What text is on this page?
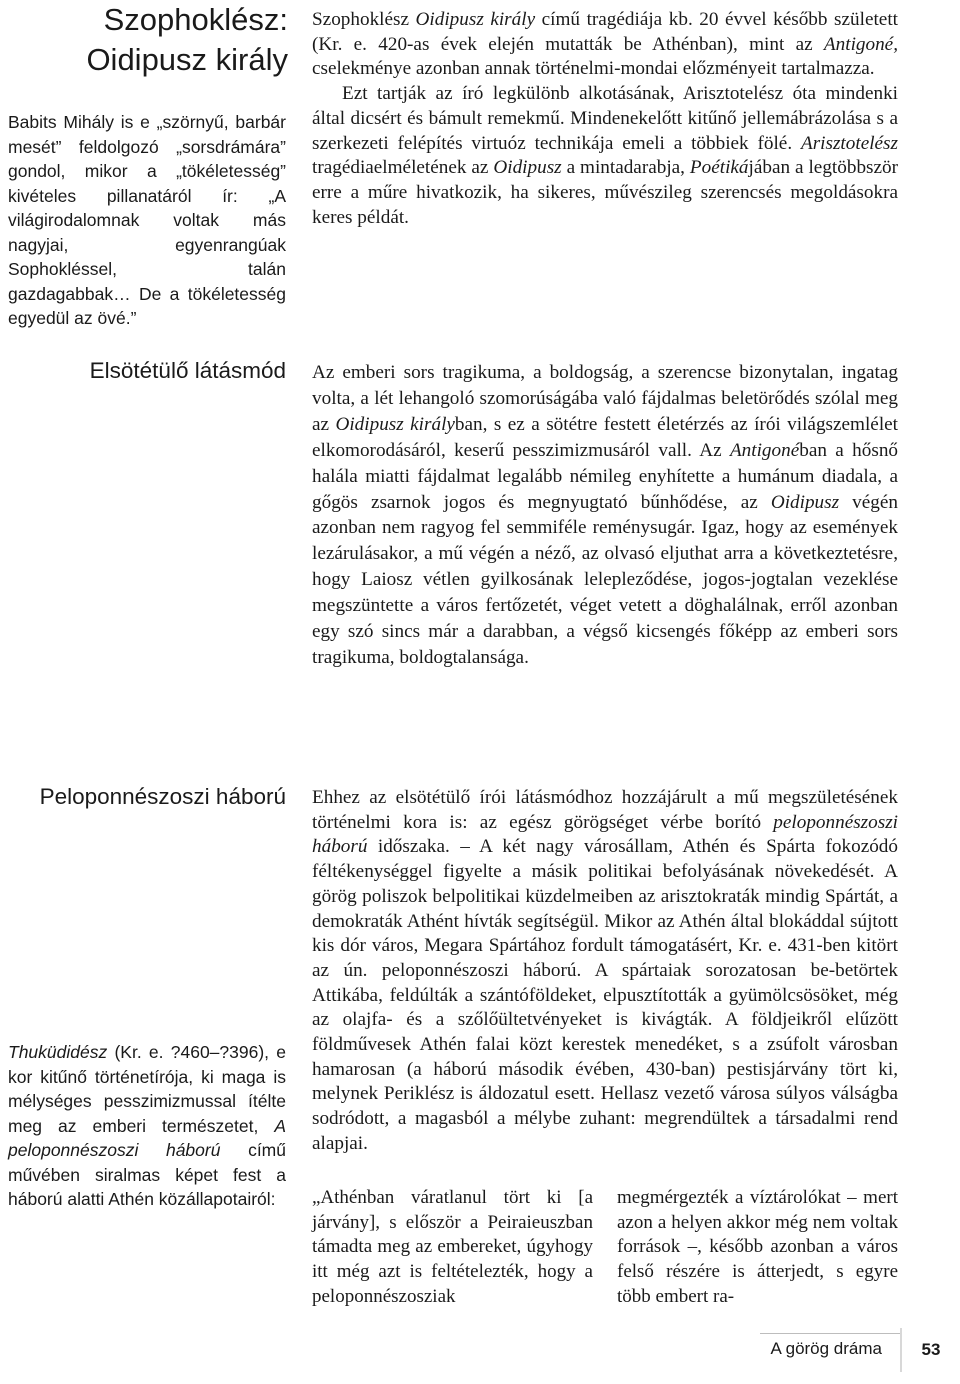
Szophoklész:
Oidipusz király

Babits Mihály is e „szörnyű, barbár mesét” feldolgozó „sorsdrámára” gondol, mikor a „tökéletesség” kivételes pillanatáról ír: „A világirodalomnak voltak más nagyjai, egyenrangúak Sophokléssel, talán gazdagabbak… De a tökéletesség egyedül az övé.”

Elsötétülő látásmód
Peloponnészoszi háború

Thuküdidész (Kr. e. ?460–?396), e kor kitűnő történetírója, ki maga is mélységes pesszimizmussal ítélte meg az emberi természetet, A peloponnészoszi háború című művében siralmas képet fest a háború alatti Athén közállapotairól:

Szophoklész Oidipusz király című tragédiája kb. 20 évvel később született (Kr. e. 420-as évek elején mutatták be Athénban), mint az Antigoné, cselekménye azonban annak történelmi-mondai előzményeit tartalmazza.

Ezt tartják az író legkülönb alkotásának, Arisztotelész óta mindenki által dicsért és bámult remekmű. Mindenekelőtt kitűnő jellemábrázolása s a szerkezeti felépítés virtuóz technikája emeli a többiek fölé. Arisztotelész tragédiaelméletének az Oidipusz a mintadarabja, Poétikájában a legtöbbször erre a műre hivatkozik, ha sikeres, művészileg szerencsés megoldásokra keres példát.

Az emberi sors tragikuma, a boldogság, a szerencse bizonytalan, ingatag volta, a lét lehangoló szomorúságába való fájdalmas beletörődés szólal meg az Oidipusz királyban, s ez a sötétre festett életérzés az írói világszemlélet elkomorodásáról, keserű pesszimizmusáról vall. Az Antigonéban a hősnő halála miatti fájdalmat legalább némileg enyhítette a humánum diadala, a gőgös zsarnok jogos és megnyugtató bűnhődése, az Oidipusz végén azonban nem ragyog fel semmiféle reménysugár. Igaz, hogy az események lezárulásakor, a mű végén a néző, az olvasó eljuthat arra a következtetésre, hogy Laiosz vétlen gyilkosának lelepleződése, jogos-jogtalan vezeklése megszüntette a város fertőzetét, véget vetett a döghalálnak, erről azonban egy szó sincs már a darabban, a végső kicsengés főképp az emberi sors tragikuma, boldogtalansága.

Ehhez az elsötétülő írói látásmódhoz hozzájárult a mű megszületésének történelmi kora is: az egész görögséget vérbe borító peloponnészoszi háború időszaka. – A két nagy városállam, Athén és Spárta fokozódó féltékenységgel figyelte a másik politikai befolyásának növekedését. A görög poliszok belpolitikai küzdelmeiben az arisztokraták mindig Spártát, a demokraták Athént hívták segítségül. Mikor az Athén által blokáddal sújtott kis dór város, Megara Spártához fordult támogatásért, Kr. e. 431-ben kitört az ún. peloponnészoszi háború. A spártaiak sorozatosan be-betörtek Attikába, feldúlták a szántóföldeket, elpusztították a gyümölcsösöket, még az olajfa- és a szőlőültetvényeket is kivágták. A földjeikről elűzött földművesek Athén falai közt kerestek menedéket, s a zsúfolt városban hamarosan (a háború második évében, 430-ban) pestisjárvány tört ki, melynek Periklész is áldozatul esett. Hellasz vezető városa súlyos válságba sodródott, a magasból a mélybe zuhant: megrendültek a társadalmi rend alapjai.

„Athénban váratlanul tört ki [a járvány], s először a Peiraieuszban támadta meg az embereket, úgyhogy itt még azt is feltételezték, hogy a peloponnészosziak
megmérgezték a víztárolókat – mert azon a helyen akkor még nem voltak források –, később azonban a város felső részére is átterjedt, s egyre több embert ra-
A görög dráma	53
